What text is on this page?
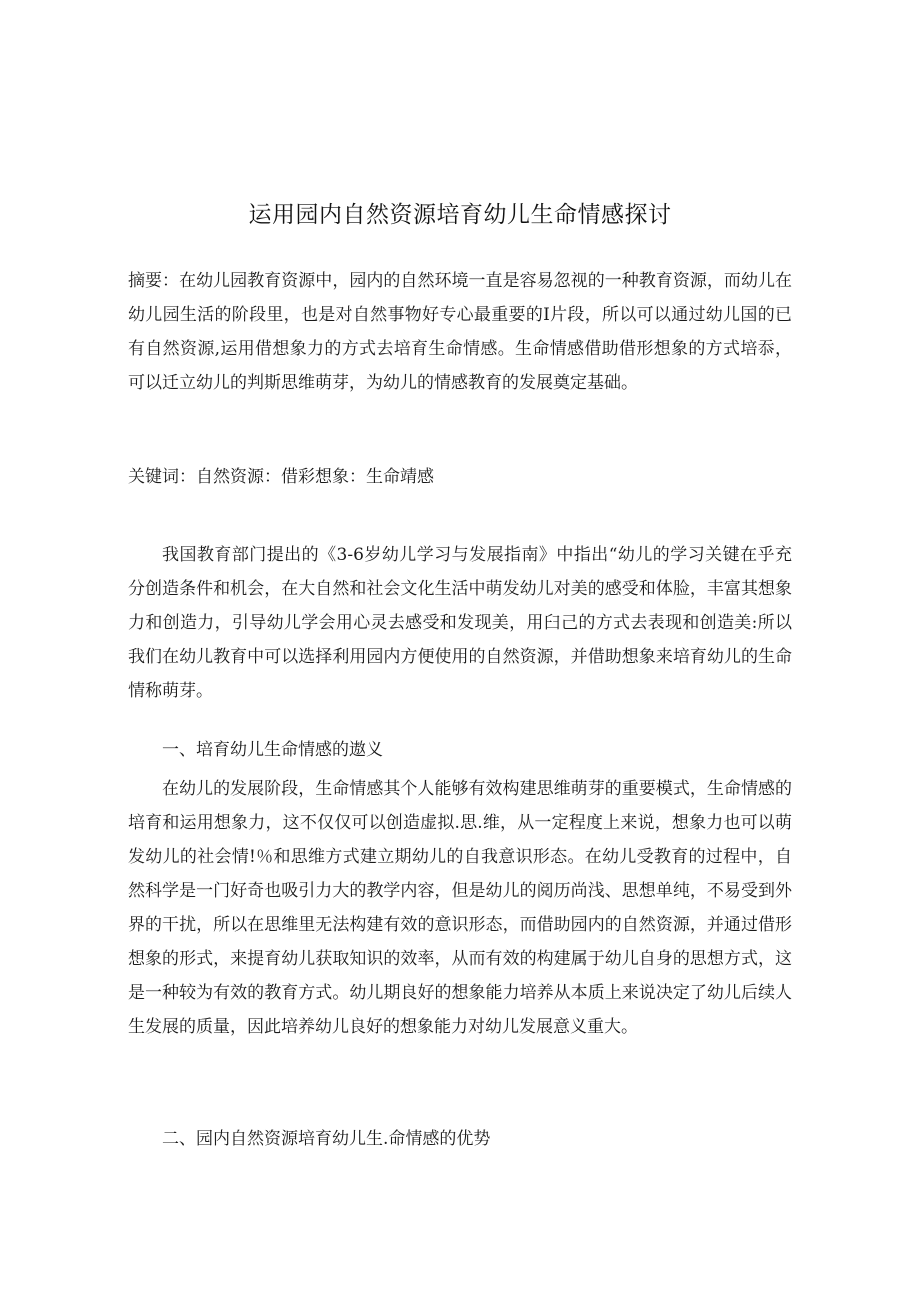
运用园内自然资源培育幼儿生命情感探讨

摘要：在幼儿园教育资源中，园内的自然环境一直是容易忽视的一种教育资源，而幼儿在幼儿园生活的阶段里，也是对自然事物好专心最重要的I片段，所以可以通过幼儿国的已有自然资源,运用借想象力的方式去培育生命情感。生命情感借助借形想象的方式培忝，可以迁立幼儿的判斯思维萌芽，为幼儿的情感教育的发展奠定基础。

关键词：自然资源：借彩想象：生命靖感

我国教育部门提出的《3-6岁幼儿学习与发展指南》中指出“幼儿的学习关键在乎充分创造条件和机会，在大自然和社会文化生活中萌发幼儿对美的感受和体脸，丰富其想象力和创造力，引导幼儿学会用心灵去感受和发现美，用臼己的方式去表现和创造美:所以我们在幼儿教育中可以选择利用园内方便使用的自然资源，并借助想象来培育幼儿的生命情称萌芽。

一、培育幼儿生命情感的遨义

在幼儿的发展阶段，生命情感其个人能够有效构建思维萌芽的重要模式，生命情感的培育和运用想象力，这不仅仅可以创造虚拟.思.维，从一定程度上来说，想象力也可以萌发幼儿的社会情!％和思维方式建立期幼儿的自我意识形态。在幼儿受教育的过程中，自然科学是一门好奇也吸引力大的教学内容，但是幼儿的阅历尚浅、思想单纯，不易受到外界的干扰，所以在思维里无法构建有效的意识形态，而借助园内的自然资源，并通过借形想象的形式，来提育幼儿获取知识的效率，从而有效的构建属于幼儿自身的思想方式，这是一种较为有效的教育方式。幼儿期良好的想象能力培养从本质上来说决定了幼儿后续人生发展的质量，因此培养幼儿良好的想象能力对幼儿发展意义重大。

二、园内自然资源培育幼儿生.命情感的优势
